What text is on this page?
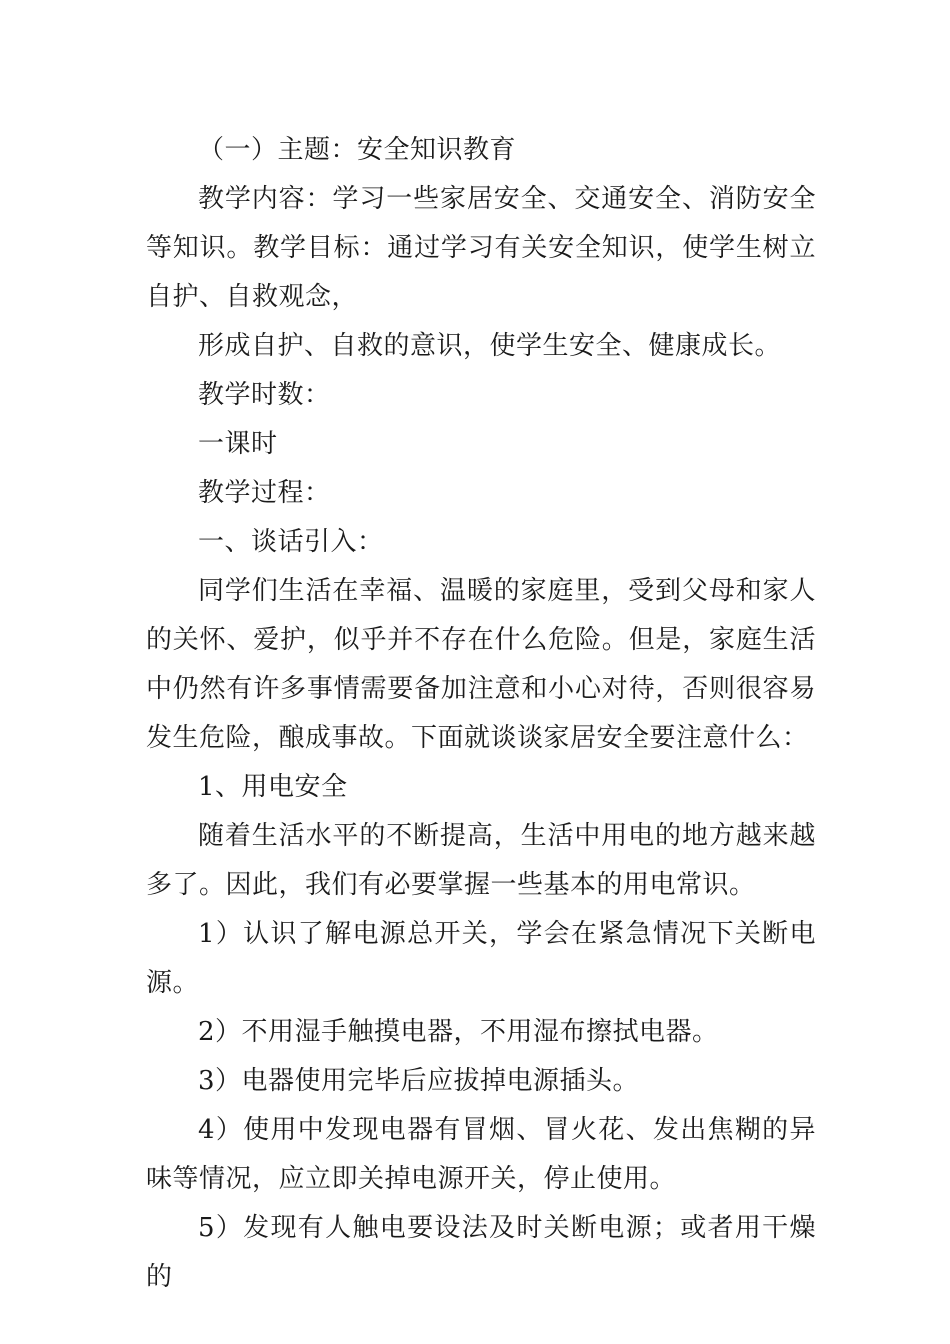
（一）主题：安全知识教育

教学内容：学习一些家居安全、交通安全、消防安全等知识。教学目标：通过学习有关安全知识，使学生树立自护、自救观念，

形成自护、自救的意识，使学生安全、健康成长。

教学时数：

一课时

教学过程：

一、谈话引入：

同学们生活在幸福、温暖的家庭里，受到父母和家人的关怀、爱护，似乎并不存在什么危险。但是，家庭生活中仍然有许多事情需要备加注意和小心对待，否则很容易发生危险，酿成事故。下面就谈谈家居安全要注意什么：

1、用电安全

随着生活水平的不断提高，生活中用电的地方越来越多了。因此，我们有必要掌握一些基本的用电常识。

1）认识了解电源总开关，学会在紧急情况下关断电源。

2）不用湿手触摸电器，不用湿布擦拭电器。

3）电器使用完毕后应拔掉电源插头。

4）使用中发现电器有冒烟、冒火花、发出焦糊的异味等情况，应立即关掉电源开关，停止使用。

5）发现有人触电要设法及时关断电源；或者用干燥的
